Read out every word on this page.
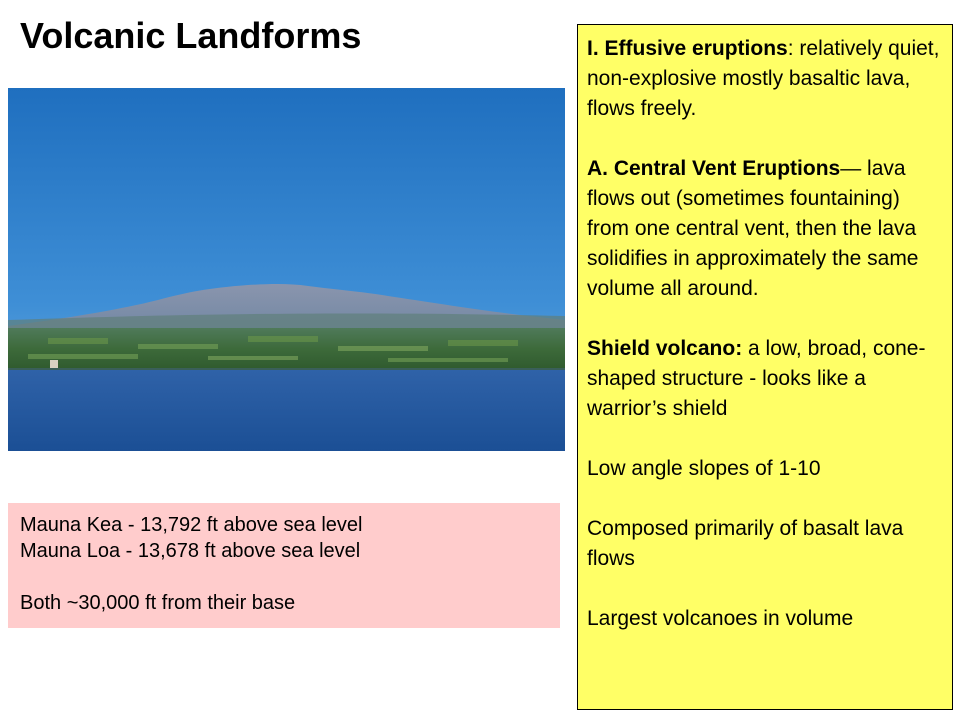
Volcanic Landforms
Mauna Kea - 13,792 ft above sea level
Mauna Loa - 13,678 ft above sea level
Both ~30,000 ft from their base

I. Effusive eruptions: relatively quiet, non-explosive mostly basaltic lava, flows freely.

A. Central Vent Eruptions— lava flows out (sometimes fountaining) from one central vent, then the lava solidifies in approximately the same volume all around.

Shield volcano: a low, broad, cone-shaped structure - looks like a warrior’s shield

Low angle slopes of 1-10

Composed primarily of basalt lava flows

Largest volcanoes in volume
